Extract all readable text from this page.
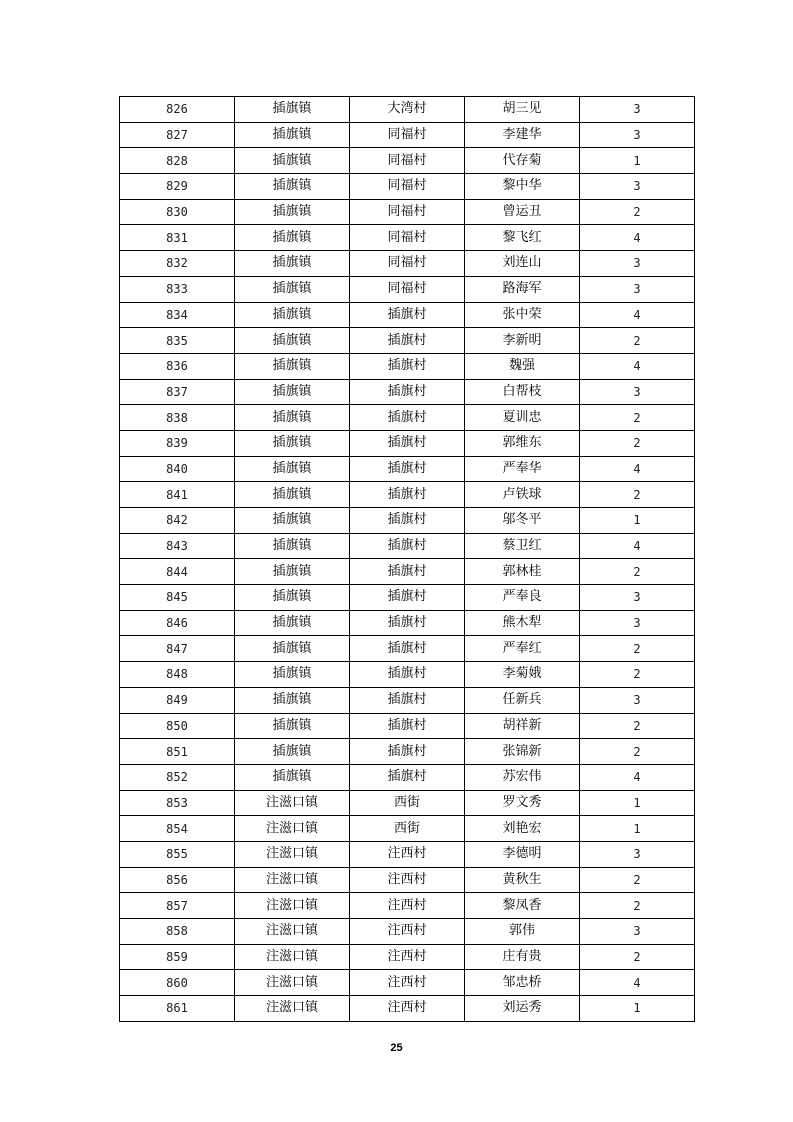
826	插旗镇	大湾村	胡三见	3
827	插旗镇	同福村	李建华	3
828	插旗镇	同福村	代存菊	1
829	插旗镇	同福村	黎中华	3
830	插旗镇	同福村	曾运丑	2
831	插旗镇	同福村	黎飞红	4
832	插旗镇	同福村	刘连山	3
833	插旗镇	同福村	路海军	3
834	插旗镇	插旗村	张中荣	4
835	插旗镇	插旗村	李新明	2
836	插旗镇	插旗村	魏强	4
837	插旗镇	插旗村	白帮枝	3
838	插旗镇	插旗村	夏训忠	2
839	插旗镇	插旗村	郭维东	2
840	插旗镇	插旗村	严奉华	4
841	插旗镇	插旗村	卢铁球	2
842	插旗镇	插旗村	邬冬平	1
843	插旗镇	插旗村	蔡卫红	4
844	插旗镇	插旗村	郭林桂	2
845	插旗镇	插旗村	严奉良	3
846	插旗镇	插旗村	熊木犁	3
847	插旗镇	插旗村	严奉红	2
848	插旗镇	插旗村	李菊娥	2
849	插旗镇	插旗村	任新兵	3
850	插旗镇	插旗村	胡祥新	2
851	插旗镇	插旗村	张锦新	2
852	插旗镇	插旗村	苏宏伟	4
853	注滋口镇	西街	罗文秀	1
854	注滋口镇	西街	刘艳宏	1
855	注滋口镇	注西村	李德明	3
856	注滋口镇	注西村	黄秋生	2
857	注滋口镇	注西村	黎凤香	2
858	注滋口镇	注西村	郭伟	3
859	注滋口镇	注西村	庄有贵	2
860	注滋口镇	注西村	邹忠桥	4
861	注滋口镇	注西村	刘运秀	1
25
